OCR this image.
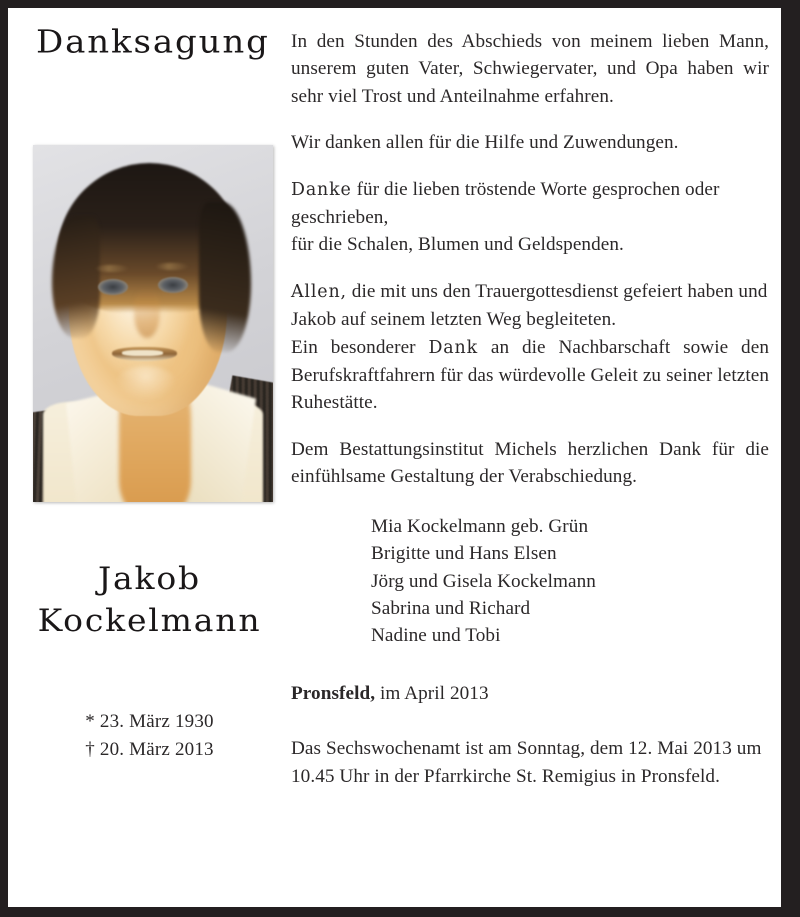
Danksagung
Jakob
Kockelmann
* 23. März 1930
† 20. März 2013

In den Stunden des Abschieds von meinem lieben Mann, unserem guten Vater, Schwiegervater, und Opa haben wir sehr viel Trost und Anteilnahme erfahren.

Wir danken allen für die Hilfe und Zuwendungen.

Danke für die lieben tröstende Worte gesprochen oder geschrieben,

für die Schalen, Blumen und Geldspenden.

Allen, die mit uns den Trauergottesdienst gefeiert haben und Jakob auf seinem letzten Weg begleiteten.

Ein besonderer Dank an die Nachbarschaft sowie den Berufskraftfahrern für das würdevolle Geleit zu seiner letzten Ruhestätte.

Dem Bestattungsinstitut Michels herzlichen Dank für die einfühlsame Gestaltung der Verabschiedung.

Mia Kockelmann geb. Grün
Brigitte und Hans Elsen
Jörg und Gisela Kockelmann
Sabrina und Richard
Nadine und Tobi
Pronsfeld, im April 2013
Das Sechswochenamt ist am Sonntag, dem 12. Mai 2013 um 10.45 Uhr in der Pfarrkirche St. Remigius in Pronsfeld.
